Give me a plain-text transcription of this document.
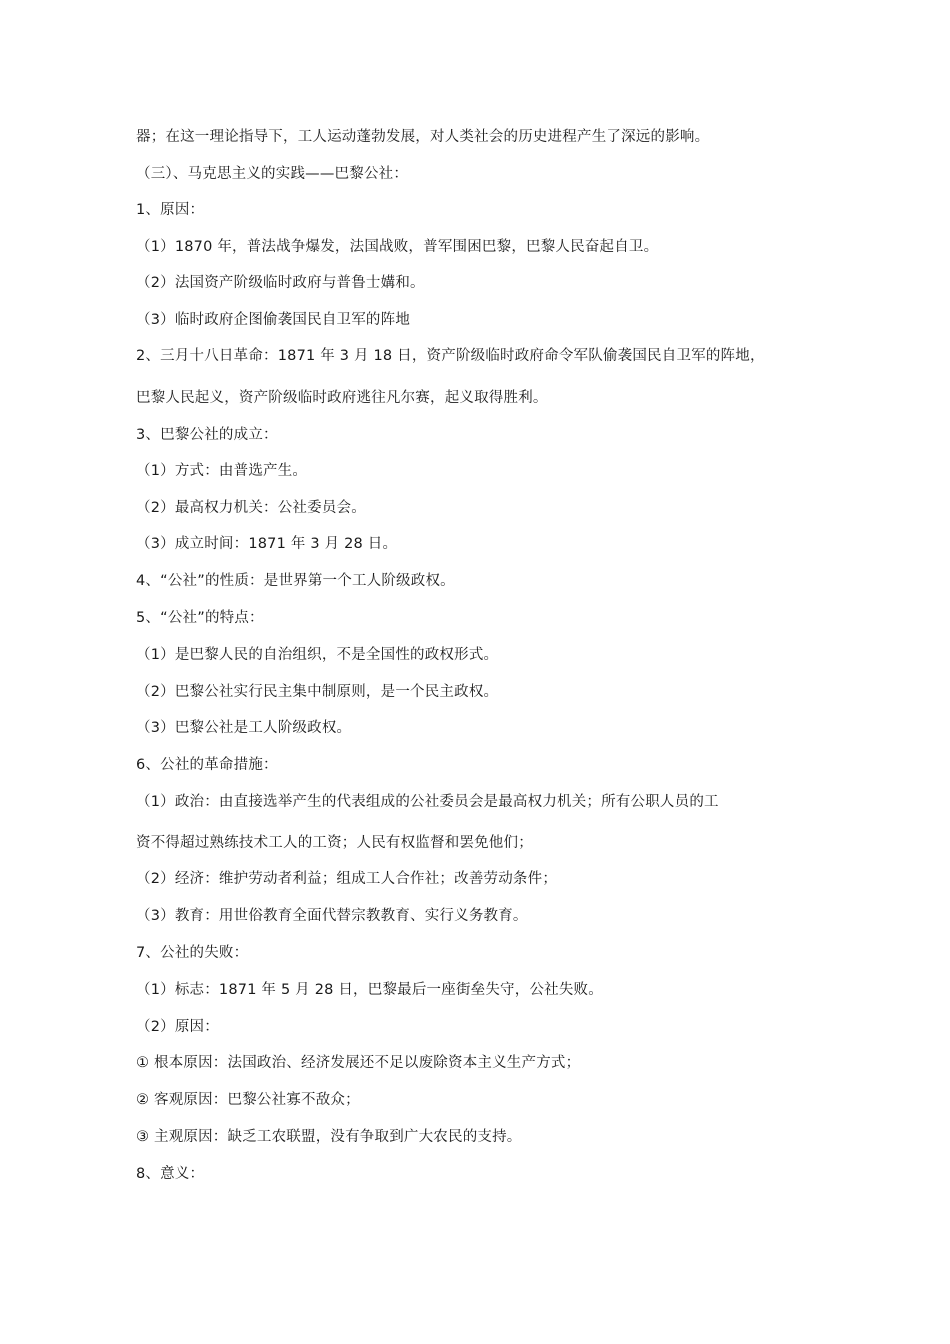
器；在这一理论指导下，工人运动蓬勃发展，对人类社会的历史进程产生了深远的影响。
（三）、马克思主义的实践——巴黎公社：
1、原因：
（1）1870 年，普法战争爆发，法国战败，普军围困巴黎，巴黎人民奋起自卫。
（2）法国资产阶级临时政府与普鲁士媾和。
（3）临时政府企图偷袭国民自卫军的阵地
2、三月十八日革命：1871 年 3 月 18 日，资产阶级临时政府命令军队偷袭国民自卫军的阵地，
巴黎人民起义，资产阶级临时政府逃往凡尔赛，起义取得胜利。
3、巴黎公社的成立：
（1）方式：由普选产生。
（2）最高权力机关：公社委员会。
（3）成立时间：1871 年 3 月 28 日。
4、“公社”的性质：是世界第一个工人阶级政权。
5、“公社”的特点：
（1）是巴黎人民的自治组织，不是全国性的政权形式。
（2）巴黎公社实行民主集中制原则，是一个民主政权。
（3）巴黎公社是工人阶级政权。
6、公社的革命措施：
（1）政治：由直接选举产生的代表组成的公社委员会是最高权力机关；所有公职人员的工
资不得超过熟练技术工人的工资；人民有权监督和罢免他们；
（2）经济：维护劳动者利益；组成工人合作社；改善劳动条件；
（3）教育：用世俗教育全面代替宗教教育、实行义务教育。
7、公社的失败：
（1）标志：1871 年 5 月 28 日，巴黎最后一座街垒失守，公社失败。
（2）原因：
① 根本原因：法国政治、经济发展还不足以废除资本主义生产方式；
② 客观原因：巴黎公社寡不敌众；
③ 主观原因：缺乏工农联盟，没有争取到广大农民的支持。
8、意义：
